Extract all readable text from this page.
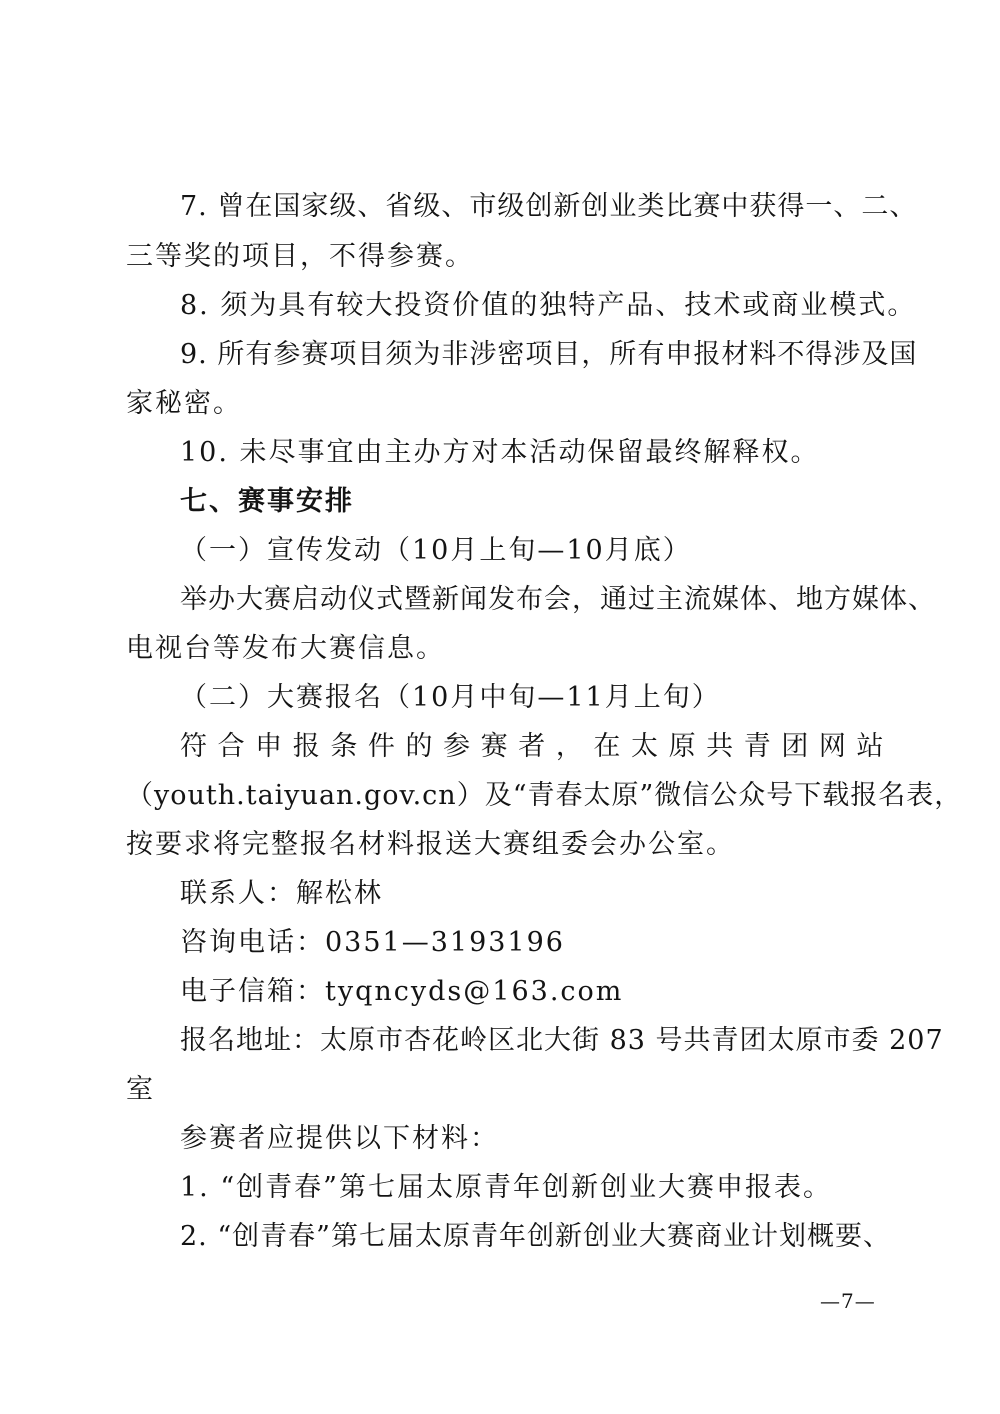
7. 曾在国家级、省级、市级创新创业类比赛中获得一、二、
三等奖的项目，不得参赛。
8. 须为具有较大投资价值的独特产品、技术或商业模式。
9. 所有参赛项目须为非涉密项目，所有申报材料不得涉及国
家秘密。
10. 未尽事宜由主办方对本活动保留最终解释权。
七、赛事安排
（一）宣传发动（10月上旬—10月底）
举办大赛启动仪式暨新闻发布会，通过主流媒体、地方媒体、
电视台等发布大赛信息。
（二）大赛报名（10月中旬—11月上旬）
符 合 申 报 条 件 的 参 赛 者 ， 在 太 原 共 青 团 网 站
（youth.taiyuan.gov.cn）及“青春太原”微信公众号下载报名表，
按要求将完整报名材料报送大赛组委会办公室。
联系人：解松林
咨询电话：0351—3193196
电子信箱：tyqncyds@163.com
报名地址：太原市杏花岭区北大街 83 号共青团太原市委 207
室
参赛者应提供以下材料：
1. “创青春”第七届太原青年创新创业大赛申报表。
2. “创青春”第七届太原青年创新创业大赛商业计划概要、
—7—
